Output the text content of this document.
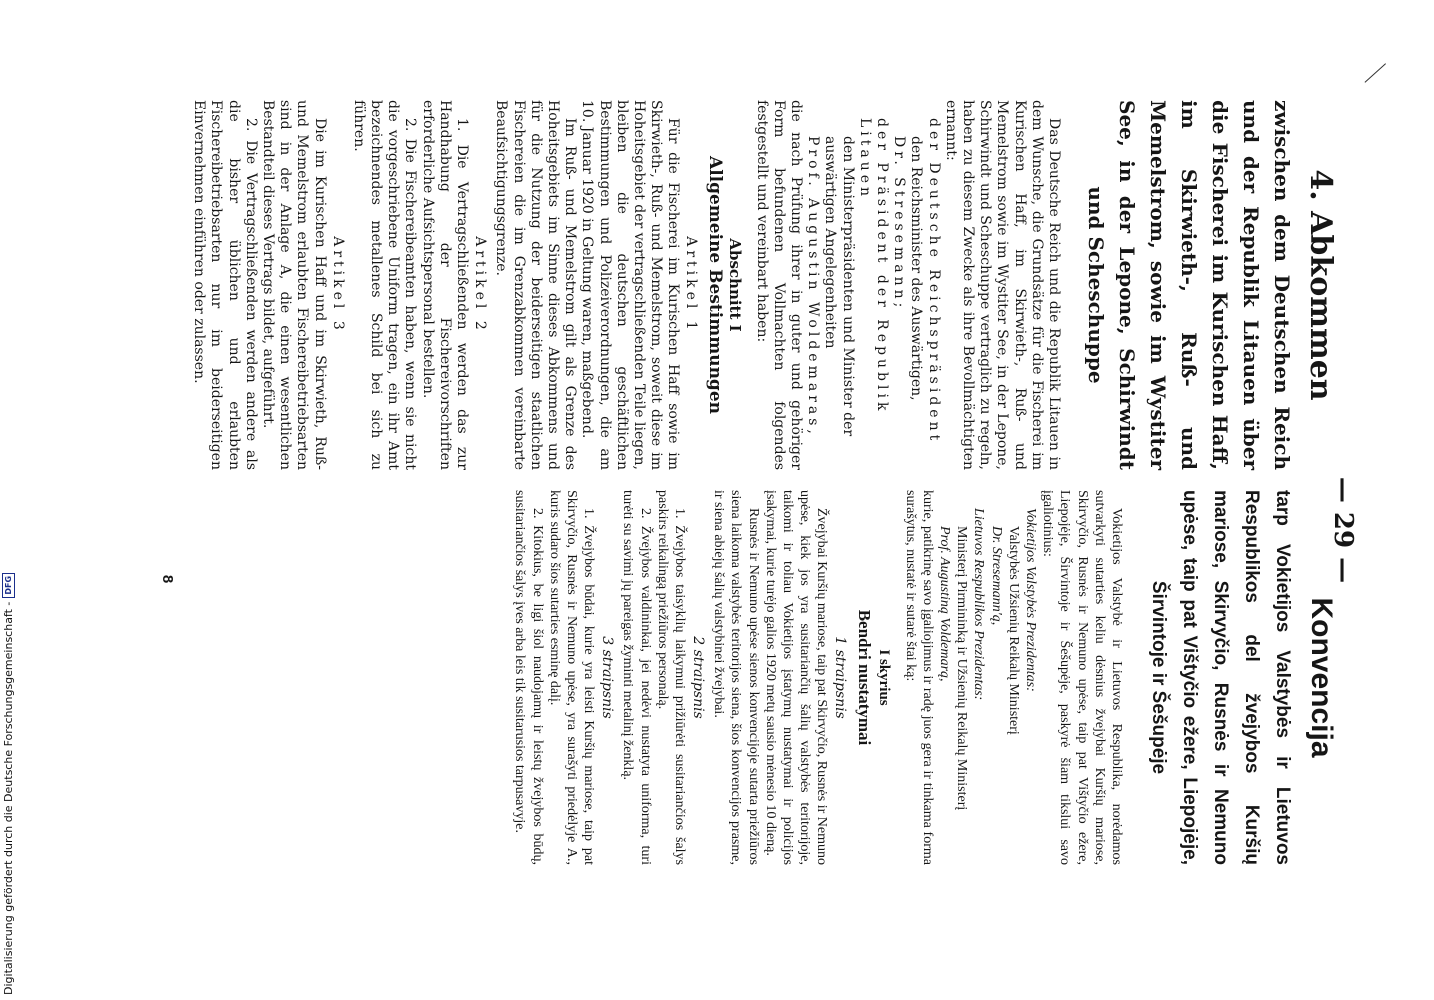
— 29 —
4. Abkommen
zwischen dem Deutschen Reich und der Republik Litauen über die Fischerei im Kurischen Haff, im Skirwieth-, Ruß- und Memelstrom, sowie im Wystiter See, in der Lepone, Schirwindt und Scheschuppe

Das Deutsche Reich und die Republik Litauen in dem Wunsche, die Grundsätze für die Fischerei im Kurischen Haff, im Skirwieth-, Ruß- und Memelstrom sowie im Wystiter See, in der Lepone, Schirwindt und Scheschuppe vertraglich zu regeln, haben zu diesem Zwecke als ihre Bevollmächtigten ernannt:

der Deutsche Reichspräsident
den Reichsminister des Auswärtigen,
Dr. Stresemann;
der Präsident der Republik Litauen
den Ministerpräsidenten und Minister der auswärtigen Angelegenheiten
Prof. Augustin Woldemaras,

die nach Prüfung ihrer in guter und gehöriger Form befundenen Vollmachten folgendes festgestellt und vereinbart haben:

Abschnitt I
Allgemeine Bestimmungen
Artikel 1

Für die Fischerei im Kurischen Haff sowie im Skirwieth-, Ruß- und Memelstrom, soweit diese im Hoheitsgebiet der vertragschließenden Teile liegen, bleiben die deutschen geschäftlichen Bestimmungen und Polizeiverordnungen, die am 10. Januar 1920 in Geltung waren, maßgebend.

Im Ruß- und Memelstrom gilt als Grenze des Hoheitsgebiets im Sinne dieses Abkommens und für die Nutzung der beiderseitigen staatlichen Fischereien die im Grenzabkommen vereinbarte Beaufsichtigungsgrenze.

Artikel 2

1. Die Vertragschließenden werden das zur Handhabung der Fischereivorschriften erforderliche Aufsichtspersonal bestellen.

2. Die Fischereibeamten haben, wenn sie nicht die vorgeschriebene Uniform tragen, ein ihr Amt bezeichnendes metallenes Schild bei sich zu führen.

Artikel 3

Die im Kurischen Haff und im Skirwieth, Ruß- und Memelstrom erlaubten Fischereibetriebsarten sind in der Anlage A, die einen wesentlichen Bestandteil dieses Vertrags bildet, aufgeführt.

2. Die Vertragschließenden werden andere als die bisher üblichen und erlaubten Fischereibetriebsarten nur im beiderseitigen Einvernehmen einführen oder zulassen.

Konvencija
tarp Vokietijos Valstybės ir Lietuvos Respublikos del žvejybos Kuršių mariose, Skirvyčio, Rusnės ir Nemuno upėse, taip pat Vištyčio ežere, Liepojėje, Širvintoje ir Šešupėje

Vokietijos Valstybė ir Lietuvos Respublika, norėdamos sutvarkyti sutarties keliu dėsnius žvejybai Kuršių mariose, Skirvyčio, Rusnės ir Nemuno upėse, taip pat Vištyčio ežere, Liepojėje, Širvintoje ir Šešupėje, paskyrė šiam tikslui savo įgaliotinius:

Vokietijos Valstybės Prezidentas:
Valstybės Užsienių Reikalų Ministerį
Dr. Stresemann'ą,
Lietuvos Respublikos Prezidentas:
Ministerį Pirmininką ir Užsienių Reikalų Ministerį
Prof. Augustiną Voldemarą,

kurie, patikrinę savo įgaliojimus ir radę juos gera ir tinkama forma surašytus, nustatė ir sutarė štai ką:

I skyrius
Bendri nustatymai
1 straipsnis

Žvejybai Kuršių mariose, taip pat Skirvyčio, Rusnės ir Nemuno upėse, kiek jos yra susitariančių šalių valstybės teritorijoje, taikomi ir toliau Vokietijos įstatymų nustatymai ir policijos įsakymai, kurie turėjo galios 1920 metų sausio mėnesio 10 dieną.

Rusnės ir Nemuno upėse sienos konvencijoje sutarta priežiūros siena laikoma valstybės teritorijos siena, šios konvencijos prasme, ir siena abiejų šalių valstybinei žvejybai.

2 straipsnis

1. Žvejybos taisyklių laikymui prižiūrėti susitariančios šalys paskirs reikalingą priežiūros personalą.

2. Žvejybos valdininkai, jei nedėvi nustatyta uniforma, turi turėti su savimi jų pareigas žyminti metalinį ženklą.

3 straipsnis

1. Žvejybos būdai, kurie yra leisti Kuršių mariose, taip pat Skirvyčio, Rusnės ir Nemuno upėse, yra surašyti priedėlyje A., kuris sudaro šios sutarties esminę dalį.

2. Kitokius, be ligi šiol naudojamų ir leistų žvejybos būdų, susitariančios šalys įves arba leis tik susitarusios tarpusavyje.

8
Digitalisierung gefördert durch die Deutsche Forschungsgemeinschaft -
DFG
